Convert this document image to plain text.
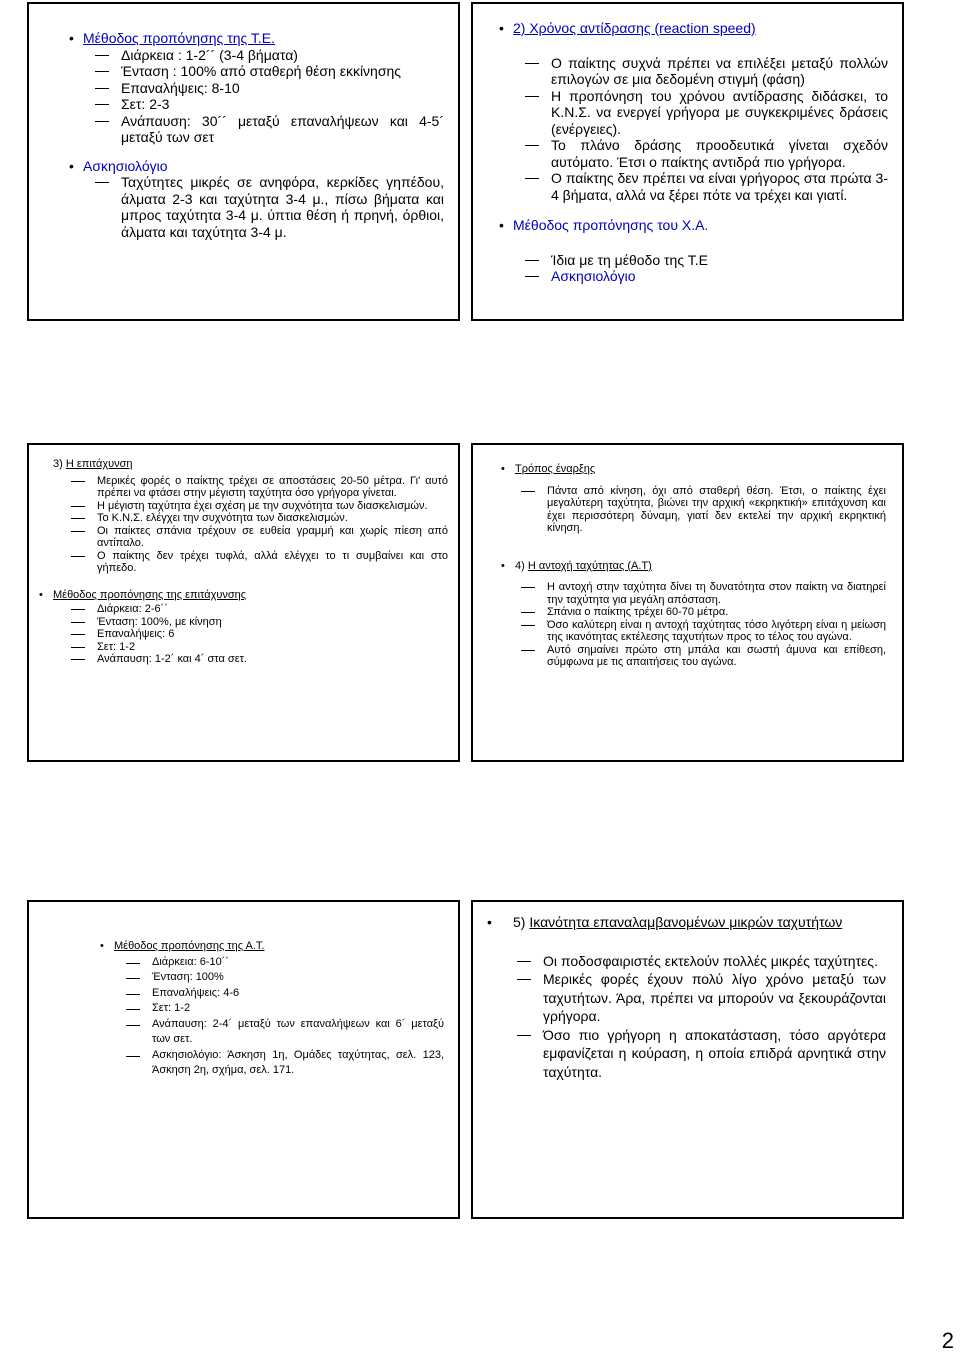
• Μέθοδος προπόνησης της Τ.Ε.
Διάρκεια : 1-2´´ (3-4 βήματα)
Ένταση : 100% από σταθερή θέση εκκίνησης
Επαναλήψεις: 8-10
Σετ: 2-3
Ανάπαυση: 30´´ μεταξύ επαναλήψεων και 4-5´ μεταξύ των σετ
• Ασκησιολόγιο
Ταχύτητες μικρές σε ανηφόρα, κερκίδες γηπέδου, άλματα 2-3 και ταχύτητα 3-4 μ., πίσω βήματα και μπρος ταχύτητα 3-4 μ. ύπτια θέση ή πρηνή, όρθιοι, άλματα και ταχύτητα 3-4 μ.
• 2) Χρόνος αντίδρασης (reaction speed)
Ο παίκτης συχνά πρέπει να επιλέξει μεταξύ πολλών επιλογών σε μια δεδομένη στιγμή (φάση)
Η προπόνηση του χρόνου αντίδρασης διδάσκει, το Κ.Ν.Σ. να ενεργεί γρήγορα με συγκεκριμένες δράσεις (ενέργειες).
Το πλάνο δράσης προοδευτικά γίνεται σχεδόν αυτόματο. Έτσι ο παίκτης αντιδρά πιο γρήγορα.
Ο παίκτης δεν πρέπει να είναι γρήγορος στα πρώτα 3-4 βήματα, αλλά να ξέρει πότε να τρέχει και γιατί.
• Μέθοδος προπόνησης του Χ.Α.
Ίδια με τη μέθοδο της Τ.Ε
Ασκησιολόγιο
3) Η επιτάχυνση
Μερικές φορές ο παίκτης τρέχει σε αποστάσεις 20-50 μέτρα. Γι' αυτό πρέπει να φτάσει στην μέγιστη ταχύτητα όσο γρήγορα γίνεται.
Η μέγιστη ταχύτητα έχει σχέση με την συχνότητα των διασκελισμών.
Το Κ.Ν.Σ. ελέγχει την συχνότητα των διασκελισμών.
Οι παίκτες σπάνια τρέχουν σε ευθεία γραμμή και χωρίς πίεση από αντίπαλο.
Ο παίκτης δεν τρέχει τυφλά, αλλά ελέγχει το τι συμβαίνει και στο γήπεδο.
• Μέθοδος προπόνησης της επιτάχυνσης
Διάρκεια: 2-6´´
Ένταση: 100%, με κίνηση
Επαναλήψεις: 6
Σετ: 1-2
Ανάπαυση: 1-2´ και 4´ στα σετ.
• Τρόπος έναρξης
Πάντα από κίνηση, όχι από σταθερή θέση. Έτσι, ο παίκτης έχει μεγαλύτερη ταχύτητα, βιώνει την αρχική «εκρηκτική» επιτάχυνση και έχει περισσότερη δύναμη, γιατί δεν εκτελεί την αρχική εκρηκτική κίνηση.
• 4) Η αντοχή ταχύτητας (Α.Τ)
Η αντοχή στην ταχύτητα δίνει τη δυνατότητα στον παίκτη να διατηρεί την ταχύτητα για μεγάλη απόσταση.
Σπάνια ο παίκτης τρέχει 60-70 μέτρα.
Όσο καλύτερη είναι η αντοχή ταχύτητας τόσο λιγότερη είναι η μείωση της ικανότητας εκτέλεσης ταχυτήτων προς το τέλος του αγώνα.
Αυτό σημαίνει πρώτο στη μπάλα και σωστή άμυνα και επίθεση, σύμφωνα με τις απαιτήσεις του αγώνα.
• Μέθοδος προπόνησης της Α.Τ.
Διάρκεια: 6-10´´
Ένταση: 100%
Επαναλήψεις: 4-6
Σετ: 1-2
Ανάπαυση: 2-4´ μεταξύ των επαναλήψεων και 6´ μεταξύ των σετ.
Ασκησιολόγιο: Άσκηση 1η, Ομάδες ταχύτητας, σελ. 123, Άσκηση 2η, σχήμα, σελ. 171.
• 5) Ικανότητα επαναλαμβανομένων μικρών ταχυτήτων
Οι ποδοσφαιριστές εκτελούν πολλές μικρές ταχύτητες.
Μερικές φορές έχουν πολύ λίγο χρόνο μεταξύ των ταχυτήτων. Άρα, πρέπει να μπορούν να ξεκουράζονται γρήγορα.
Όσο πιο γρήγορη η αποκατάσταση, τόσο αργότερα εμφανίζεται η κούραση, η οποία επιδρά αρνητικά στην ταχύτητα.
2
